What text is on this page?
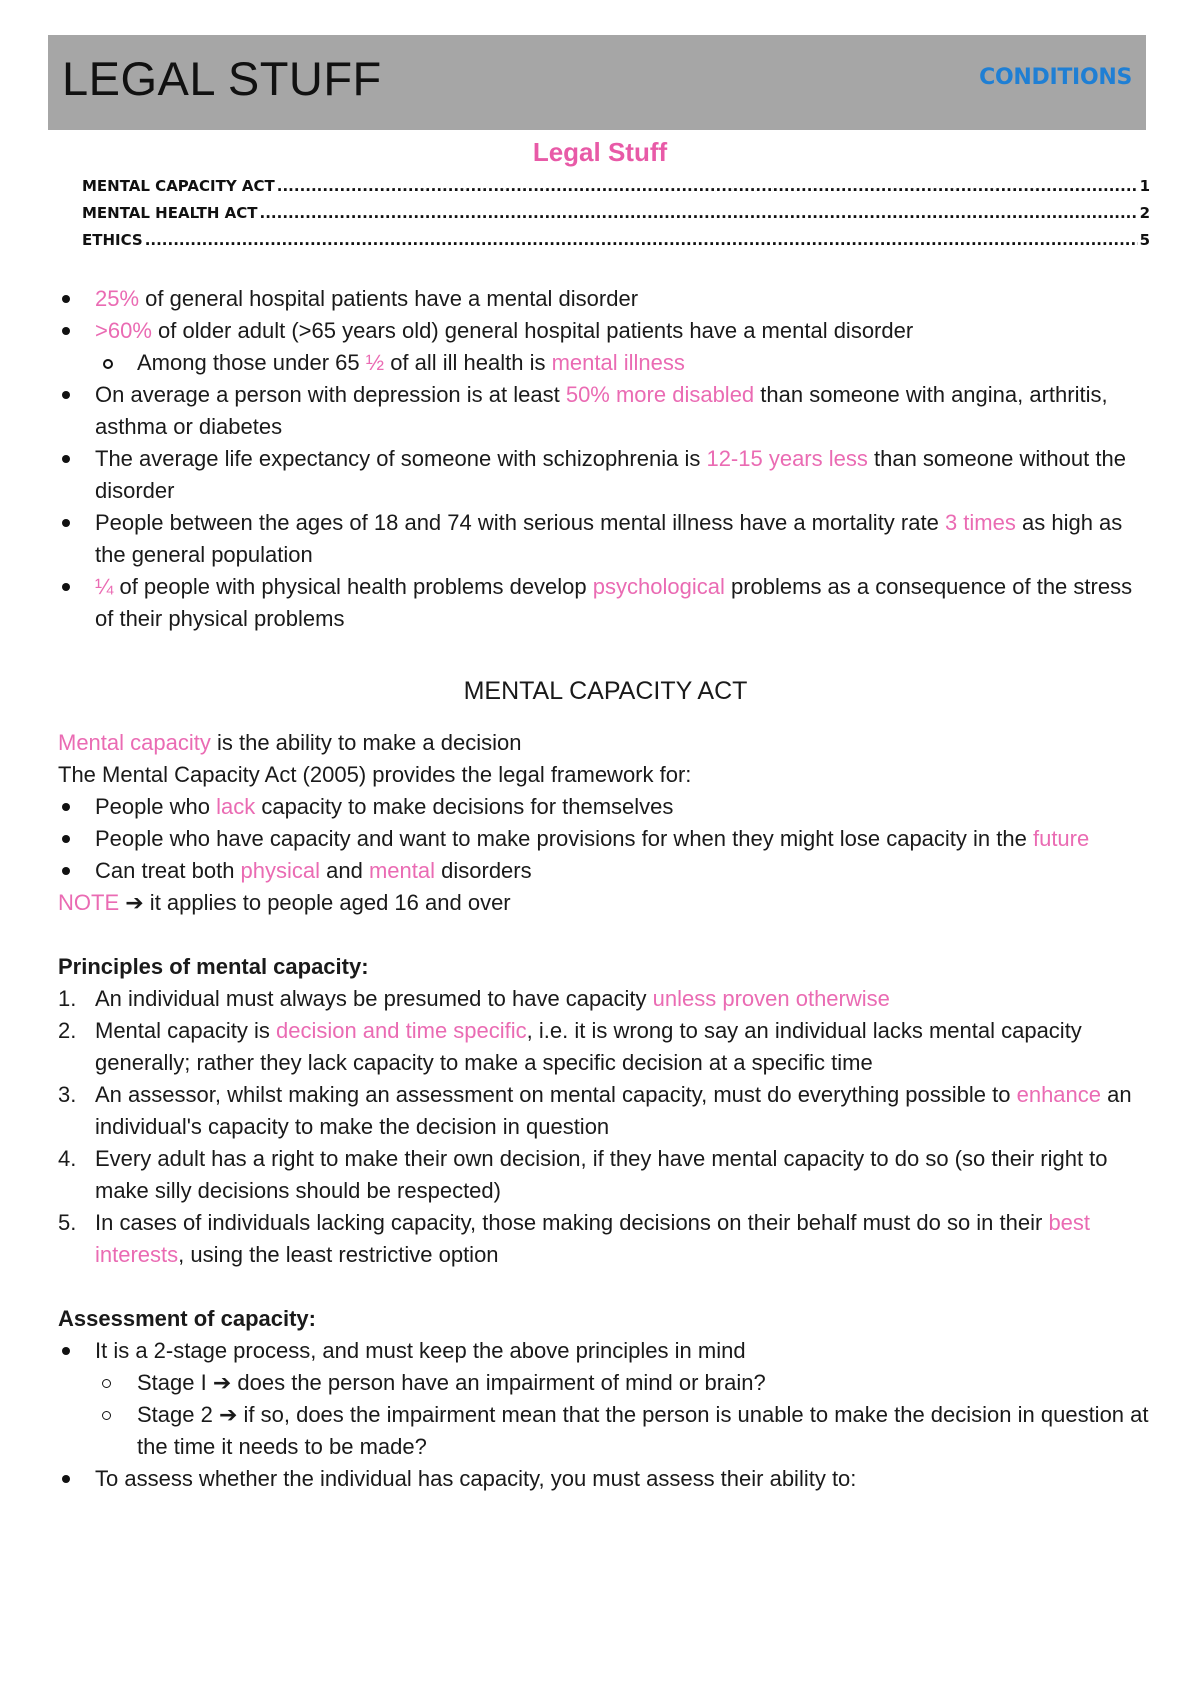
LEGAL STUFF	CONDITIONS
Legal Stuff
MENTAL CAPACITY ACT .....	1
MENTAL HEALTH ACT .....	2
ETHICS .....	5
25% of general hospital patients have a mental disorder
>60% of older adult (>65 years old) general hospital patients have a mental disorder
Among those under 65 ½ of all ill health is mental illness
On average a person with depression is at least 50% more disabled than someone with angina, arthritis, asthma or diabetes
The average life expectancy of someone with schizophrenia is 12-15 years less than someone without the disorder
People between the ages of 18 and 74 with serious mental illness have a mortality rate 3 times as high as the general population
¼ of people with physical health problems develop psychological problems as a consequence of the stress of their physical problems
MENTAL CAPACITY ACT
Mental capacity is the ability to make a decision
The Mental Capacity Act (2005) provides the legal framework for:
People who lack capacity to make decisions for themselves
People who have capacity and want to make provisions for when they might lose capacity in the future
Can treat both physical and mental disorders
NOTE ➔ it applies to people aged 16 and over
Principles of mental capacity:
1. An individual must always be presumed to have capacity unless proven otherwise
2. Mental capacity is decision and time specific, i.e. it is wrong to say an individual lacks mental capacity generally; rather they lack capacity to make a specific decision at a specific time
3. An assessor, whilst making an assessment on mental capacity, must do everything possible to enhance an individual's capacity to make the decision in question
4. Every adult has a right to make their own decision, if they have mental capacity to do so (so their right to make silly decisions should be respected)
5. In cases of individuals lacking capacity, those making decisions on their behalf must do so in their best interests, using the least restrictive option
Assessment of capacity:
It is a 2-stage process, and must keep the above principles in mind
Stage I ➔ does the person have an impairment of mind or brain?
Stage 2 ➔ if so, does the impairment mean that the person is unable to make the decision in question at the time it needs to be made?
To assess whether the individual has capacity, you must assess their ability to:
